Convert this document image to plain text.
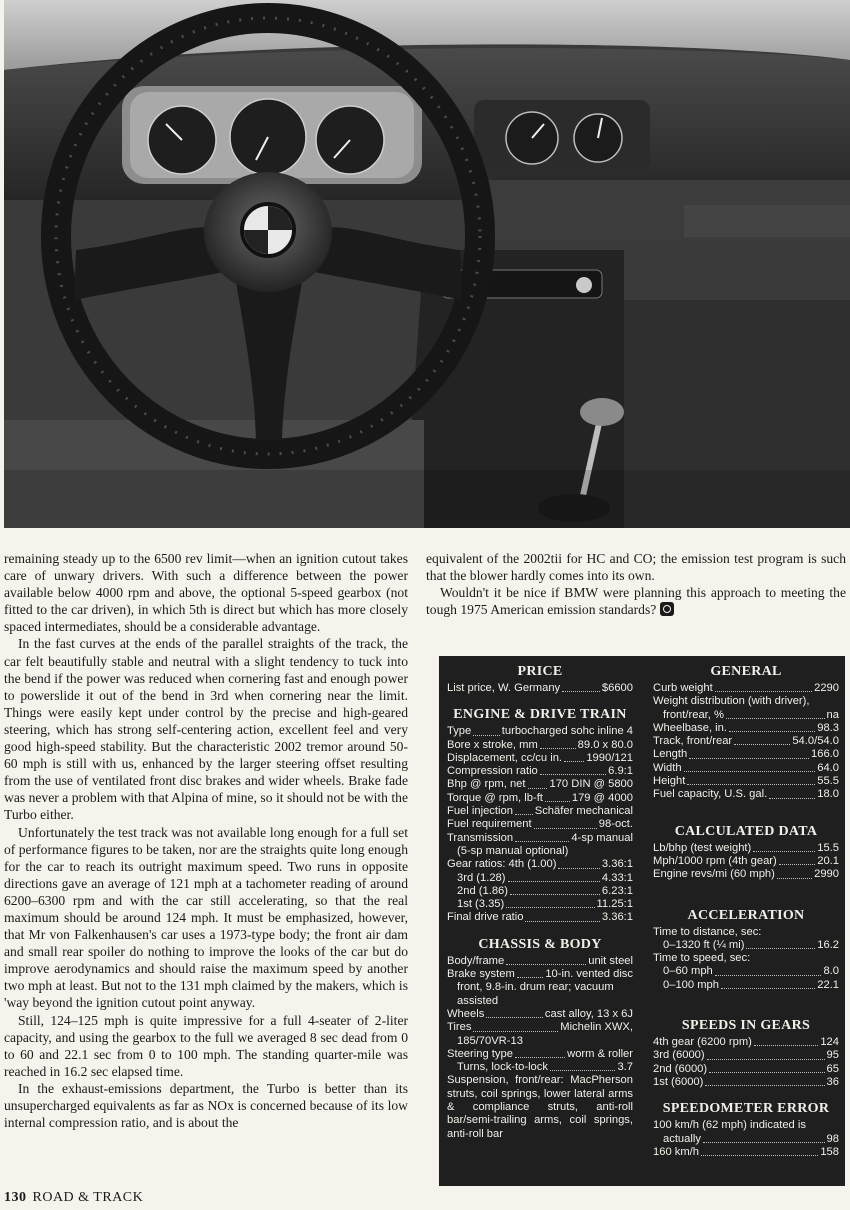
remaining steady up to the 6500 rev limit—when an ignition cutout takes care of unwary drivers. With such a difference between the power available below 4000 rpm and above, the optional 5-speed gearbox (not fitted to the car driven), in which 5th is direct but which has more closely spaced intermediates, should be a considerable advantage.

In the fast curves at the ends of the parallel straights of the track, the car felt beautifully stable and neutral with a slight tendency to tuck into the bend if the power was reduced when cornering fast and enough power to powerslide it out of the bend in 3rd when cornering near the limit. Things were easily kept under control by the precise and high-geared steering, which has strong self-centering action, excellent feel and very good high-speed stability. But the characteristic 2002 tremor around 50-60 mph is still with us, enhanced by the larger steering offset resulting from the use of ventilated front disc brakes and wider wheels. Brake fade was never a problem with that Alpina of mine, so it should not be with the Turbo either.

Unfortunately the test track was not available long enough for a full set of performance figures to be taken, nor are the straights quite long enough for the car to reach its outright maximum speed. Two runs in opposite directions gave an average of 121 mph at a tachometer reading of around 6200–6300 rpm and with the car still accelerating, so that the real maximum should be around 124 mph. It must be emphasized, however, that Mr von Falkenhausen's car uses a 1973-type body; the front air dam and small rear spoiler do nothing to improve the looks of the car but do improve aerodynamics and should raise the maximum speed by another two mph at least. But not to the 131 mph claimed by the makers, which is 'way beyond the ignition cutout point anyway.

Still, 124–125 mph is quite impressive for a full 4-seater of 2-liter capacity, and using the gearbox to the full we averaged 8 sec dead from 0 to 60 and 22.1 sec from 0 to 100 mph. The standing quarter-mile was reached in 16.2 sec elapsed time.

In the exhaust-emissions department, the Turbo is better than its unsupercharged equivalents as far as NOx is concerned because of its low internal compression ratio, and is about the

equivalent of the 2002tii for HC and CO; the emission test program is such that the blower hardly comes into its own.

Wouldn't it be nice if BMW were planning this approach to meeting the tough 1975 American emission standards?

PRICE
List price, W. Germany	$6600
ENGINE & DRIVE TRAIN
Type	turbocharged sohc inline 4
Bore x stroke, mm	89.0 x 80.0
Displacement, cc/cu in. 1990/121
Compression ratio	6.9:1
Bhp @ rpm, net 170 DIN @ 5800
Torque @ rpm, lb-ft	179 @ 4000
Fuel injection Schäfer mechanical
Fuel requirement	98-oct.
Transmission	4-sp manual
(5-sp manual optional)
Gear ratios: 4th (1.00)	3.36:1
3rd (1.28)	4.33:1
2nd (1.86)	6.23:1
1st (3.35)	11.25:1
Final drive ratio	3.36:1
CHASSIS & BODY
Body/frame	unit steel
Brake system	10-in. vented disc
front, 9.8-in. drum rear; vacuum
assisted
Wheels	cast alloy, 13 x 6J
Tires	Michelin XWX,
185/70VR-13
Steering type	worm & roller
Turns, lock-to-lock	3.7
Suspension, front/rear: MacPherson struts, coil springs, lower lateral arms & compliance struts, anti-roll bar/semi-trailing arms, coil springs, anti-roll bar
GENERAL
Curb weight	2290
Weight distribution (with driver),
front/rear, %	na
Wheelbase, in.	98.3
Track, front/rear	54.0/54.0
Length	166.0
Width	64.0
Height	55.5
Fuel capacity, U.S. gal.	18.0
CALCULATED DATA
Lb/bhp (test weight)	15.5
Mph/1000 rpm (4th gear)	20.1
Engine revs/mi (60 mph)	2990
ACCELERATION
Time to distance, sec:
0–1320 ft (¼ mi)	16.2
Time to speed, sec:
0–60 mph	8.0
0–100 mph	22.1
SPEEDS IN GEARS
4th gear (6200 rpm)	124
3rd (6000)	95
2nd (6000)	65
1st (6000)	36
SPEEDOMETER ERROR
100 km/h (62 mph) indicated is
actually	98
160 km/h	158
130 ROAD & TRACK
